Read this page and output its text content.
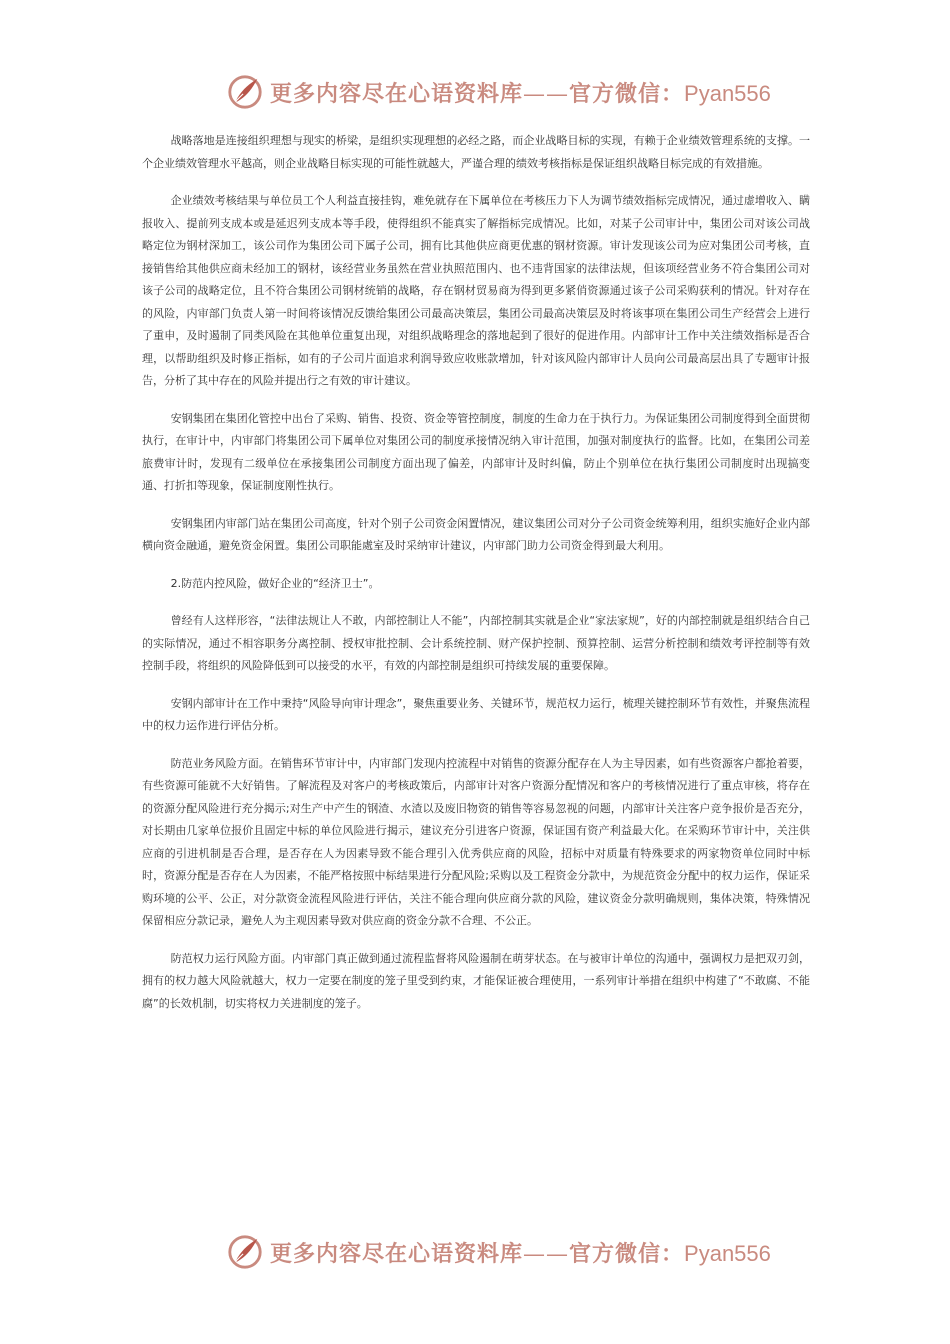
更多内容尽在心语资料库——官方微信：Pyan556

战略落地是连接组织理想与现实的桥梁，是组织实现理想的必经之路，而企业战略目标的实现，有赖于企业绩效管理系统的支撑。一个企业绩效管理水平越高，则企业战略目标实现的可能性就越大，严谨合理的绩效考核指标是保证组织战略目标完成的有效措施。

企业绩效考核结果与单位员工个人利益直接挂钩，难免就存在下属单位在考核压力下人为调节绩效指标完成情况，通过虚增收入、瞒报收入、提前列支成本或是延迟列支成本等手段，使得组织不能真实了解指标完成情况。比如，对某子公司审计中，集团公司对该公司战略定位为钢材深加工，该公司作为集团公司下属子公司，拥有比其他供应商更优惠的钢材资源。审计发现该公司为应对集团公司考核，直接销售给其他供应商未经加工的钢材，该经营业务虽然在营业执照范围内、也不违背国家的法律法规，但该项经营业务不符合集团公司对该子公司的战略定位，且不符合集团公司钢材统销的战略，存在钢材贸易商为得到更多紧俏资源通过该子公司采购获利的情况。针对存在的风险，内审部门负责人第一时间将该情况反馈给集团公司最高决策层，集团公司最高决策层及时将该事项在集团公司生产经营会上进行了重申，及时遏制了同类风险在其他单位重复出现，对组织战略理念的落地起到了很好的促进作用。内部审计工作中关注绩效指标是否合理，以帮助组织及时修正指标，如有的子公司片面追求利润导致应收账款增加，针对该风险内部审计人员向公司最高层出具了专题审计报告，分析了其中存在的风险并提出行之有效的审计建议。

安钢集团在集团化管控中出台了采购、销售、投资、资金等管控制度，制度的生命力在于执行力。为保证集团公司制度得到全面贯彻执行，在审计中，内审部门将集团公司下属单位对集团公司的制度承接情况纳入审计范围，加强对制度执行的监督。比如，在集团公司差旅费审计时，发现有二级单位在承接集团公司制度方面出现了偏差，内部审计及时纠偏，防止个别单位在执行集团公司制度时出现搞变通、打折扣等现象，保证制度刚性执行。

安钢集团内审部门站在集团公司高度，针对个别子公司资金闲置情况，建议集团公司对分子公司资金统筹利用，组织实施好企业内部横向资金融通，避免资金闲置。集团公司职能處室及时采纳审计建议，内审部门助力公司资金得到最大利用。

2.防范内控风险，做好企业的“经济卫士”。

曾经有人这样形容，“法律法规让人不敢，内部控制让人不能”，内部控制其实就是企业“家法家规”，好的内部控制就是组织结合自己的实际情况，通过不相容职务分离控制、授权审批控制、会计系统控制、财产保护控制、预算控制、运营分析控制和绩效考评控制等有效控制手段，将组织的风险降低到可以接受的水平，有效的内部控制是组织可持续发展的重要保障。

安钢内部审计在工作中秉持“风险导向审计理念”，聚焦重要业务、关键环节，规范权力运行，梳理关键控制环节有效性，并聚焦流程中的权力运作进行评估分析。

防范业务风险方面。在销售环节审计中，内审部门发现内控流程中对销售的资源分配存在人为主导因素，如有些资源客户都抢着要，有些资源可能就不大好销售。了解流程及对客户的考核政策后，内部审计对客户资源分配情况和客户的考核情况进行了重点审核，将存在的资源分配风险进行充分揭示;对生产中产生的钢渣、水渣以及废旧物资的销售等容易忽视的问题，内部审计关注客户竞争报价是否充分，对长期由几家单位报价且固定中标的单位风险进行揭示，建议充分引进客户资源，保证国有资产利益最大化。在采购环节审计中，关注供应商的引进机制是否合理，是否存在人为因素导致不能合理引入优秀供应商的风险，招标中对质量有特殊要求的两家物资单位同时中标时，资源分配是否存在人为因素，不能严格按照中标结果进行分配风险;采购以及工程资金分款中，为规范资金分配中的权力运作，保证采购环境的公平、公正，对分款资金流程风险进行评估，关注不能合理向供应商分款的风险，建议资金分款明确规则，集体决策，特殊情况保留相应分款记录，避免人为主观因素导致对供应商的资金分款不合理、不公正。

防范权力运行风险方面。内审部门真正做到通过流程监督将风险遏制在萌芽状态。在与被审计单位的沟通中，强调权力是把双刃剑，拥有的权力越大风险就越大，权力一定要在制度的笼子里受到约束，才能保证被合理使用，一系列审计举措在组织中构建了“不敢腐、不能腐”的长效机制，切实将权力关进制度的笼子。

更多内容尽在心语资料库——官方微信：Pyan556
